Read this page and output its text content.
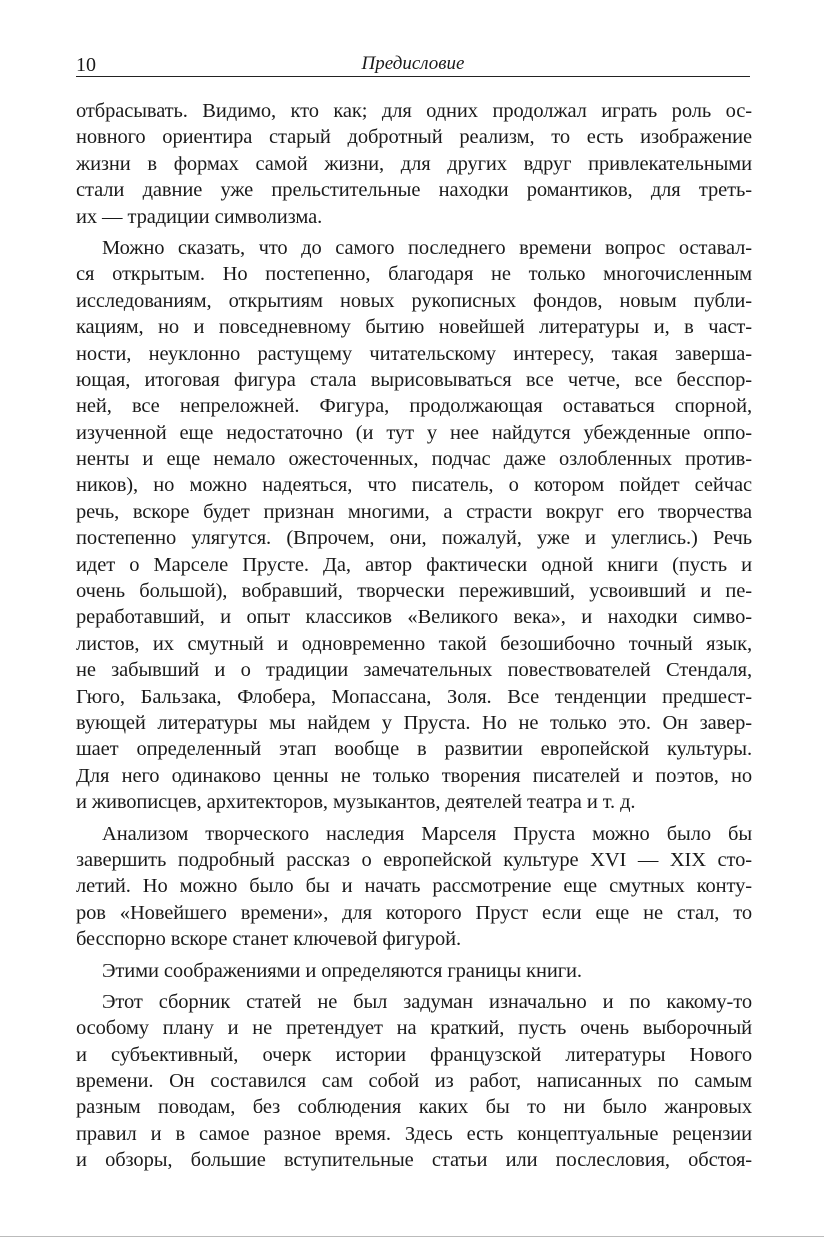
10	Предисловие
отбрасывать. Видимо, кто как; для одних продолжал играть роль ос-
новного ориентира старый добротный реализм, то есть изображение
жизни в формах самой жизни, для других вдруг привлекательными
стали давние уже прельстительные находки романтиков, для треть-
их — традиции символизма.
Можно сказать, что до самого последнего времени вопрос оставал-
ся открытым. Но постепенно, благодаря не только многочисленным
исследованиям, открытиям новых рукописных фондов, новым публи-
кациям, но и повседневному бытию новейшей литературы и, в част-
ности, неуклонно растущему читательскому интересу, такая заверша-
ющая, итоговая фигура стала вырисовываться все четче, все бесспор-
ней, все непреложней. Фигура, продолжающая оставаться спорной,
изученной еще недостаточно (и тут у нее найдутся убежденные оппо-
ненты и еще немало ожесточенных, подчас даже озлобленных против-
ников), но можно надеяться, что писатель, о котором пойдет сейчас
речь, вскоре будет признан многими, а страсти вокруг его творчества
постепенно улягутся. (Впрочем, они, пожалуй, уже и улеглись.) Речь
идет о Марселе Прусте. Да, автор фактически одной книги (пусть и
очень большой), вобравший, творчески переживший, усвоивший и пе-
реработавший, и опыт классиков «Великого века», и находки симво-
листов, их смутный и одновременно такой безошибочно точный язык,
не забывший и о традиции замечательных повествователей Стендаля,
Гюго, Бальзака, Флобера, Мопассана, Золя. Все тенденции предшест-
вующей литературы мы найдем у Пруста. Но не только это. Он завер-
шает определенный этап вообще в развитии европейской культуры.
Для него одинаково ценны не только творения писателей и поэтов, но
и живописцев, архитекторов, музыкантов, деятелей театра и т. д.
Анализом творческого наследия Марселя Пруста можно было бы
завершить подробный рассказ о европейской культуре XVI — XIX сто-
летий. Но можно было бы и начать рассмотрение еще смутных конту-
ров «Новейшего времени», для которого Пруст если еще не стал, то
бесспорно вскоре станет ключевой фигурой.
Этими соображениями и определяются границы книги.
Этот сборник статей не был задуман изначально и по какому-то
особому плану и не претендует на краткий, пусть очень выборочный
и субъективный, очерк истории французской литературы Нового
времени. Он составился сам собой из работ, написанных по самым
разным поводам, без соблюдения каких бы то ни было жанровых
правил и в самое разное время. Здесь есть концептуальные рецензии
и обзоры, большие вступительные статьи или послесловия, обстоя-
